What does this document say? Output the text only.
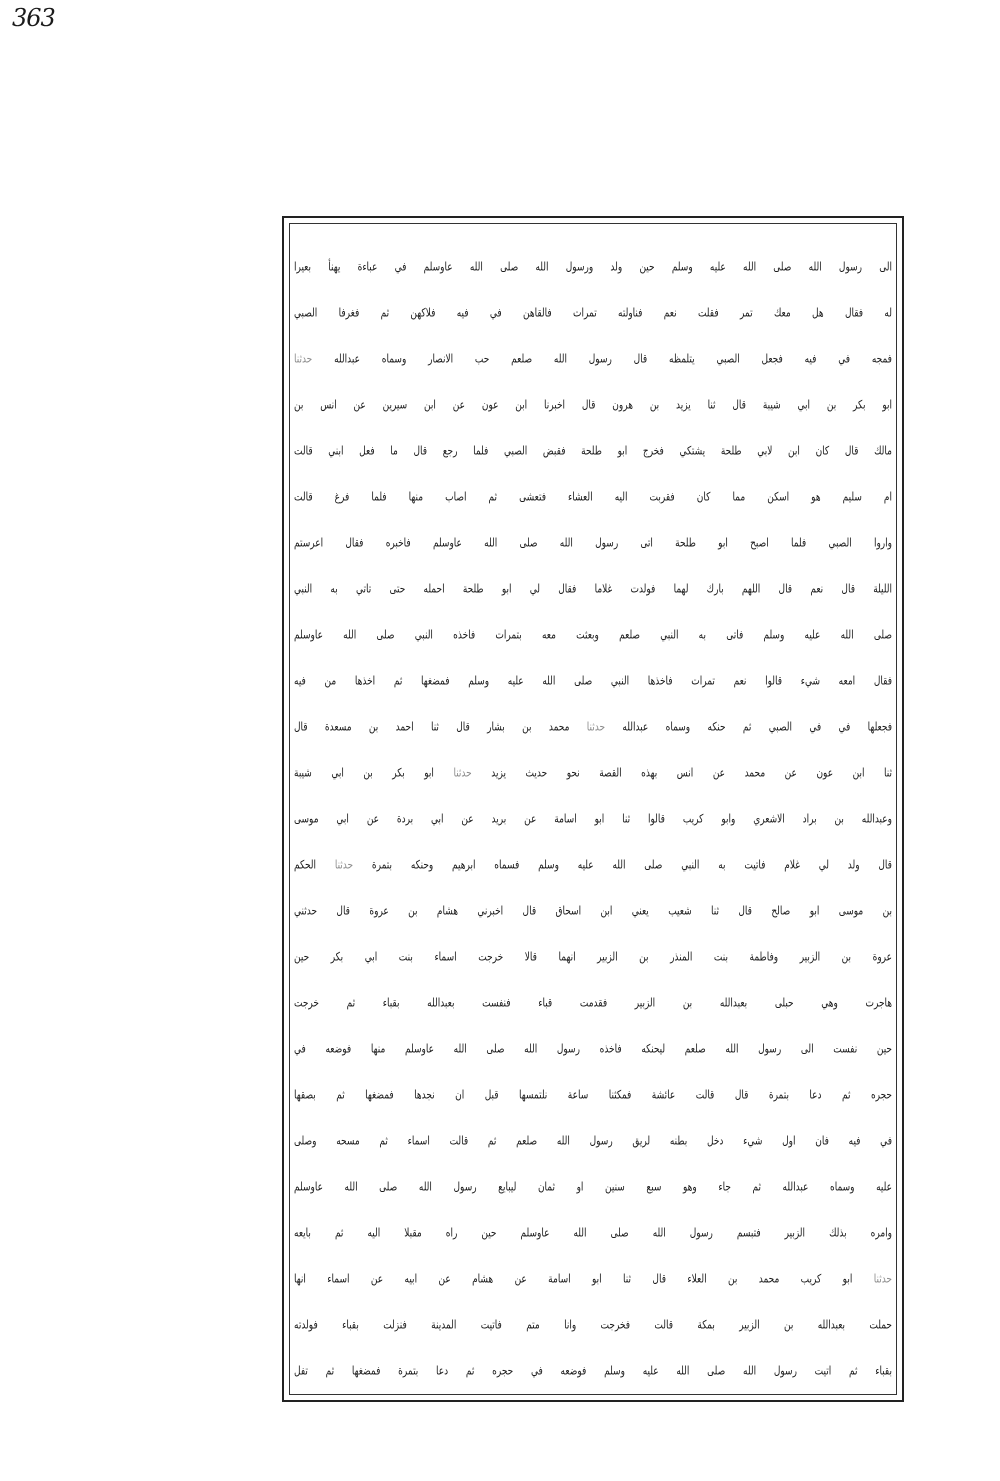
363
الى رسول الله صلى الله عليه وسلم حين ولد ورسول الله صلى الله عاوسلم في عباءة يهنأ بعيرا
له فقال هل معك تمر فقلت نعم فناولته تمرات فالقاهن في فيه فلاكهن ثم فغرفا الصبي
فمجه في فيه فجعل الصبي يتلمظه قال رسول الله صلعم حب الانصار وسماه عبدالله حدثنا
ابو بكر بن ابي شيبة قال ثنا يزيد بن هرون قال اخبرنا ابن عون عن ابن سيرين عن انس بن
مالك قال كان ابن لابي طلحة يشتكي فخرج ابو طلحة فقبض الصبي فلما رجع قال ما فعل ابني قالت
ام سليم هو اسكن مما كان فقربت اليه العشاء فتعشى ثم اصاب منها فلما فرغ قالت
واروا الصبي فلما اصبح ابو طلحة اتى رسول الله صلى الله عاوسلم فاخبره فقال اعرستم
الليلة قال نعم قال اللهم بارك لهما فولدت غلاما فقال لي ابو طلحة احمله حتى تاتي به النبي
صلى الله عليه وسلم فاتى به النبي صلعم وبعثت معه بتمرات فاخذه النبي صلى الله عاوسلم
فقال امعه شيء قالوا نعم تمرات فاخذها النبي صلى الله عليه وسلم فمضغها ثم اخذها من فيه
فجعلها في في الصبي ثم حنكه وسماه عبدالله حدثنا محمد بن بشار قال ثنا احمد بن مسعدة قال
ثنا ابن عون عن محمد عن انس بهذه القصة نحو حديث يزيد حدثنا ابو بكر بن ابي شيبة
وعبدالله بن براد الاشعري وابو كريب قالوا ثنا ابو اسامة عن بريد عن ابي بردة عن ابي موسى
قال ولد لي غلام فاتيت به النبي صلى الله عليه وسلم فسماه ابرهيم وحنكه بتمرة حدثنا الحكم
بن موسى ابو صالح قال ثنا شعيب يعني ابن اسحاق قال اخبرني هشام بن عروة قال حدثني
عروة بن الزبير وفاطمة بنت المنذر بن الزبير انهما قالا خرجت اسماء بنت ابي بكر حين
هاجرت وهي حبلى بعبدالله بن الزبير فقدمت قباء فنفست بعبدالله بقباء ثم خرجت
حين نفست الى رسول الله صلعم ليحنكه فاخذه رسول الله صلى الله عاوسلم منها فوضعه في
حجره ثم دعا بتمرة قال قالت عائشة فمكثنا ساعة نلتمسها قبل ان نجدها فمضغها ثم بصقها
في فيه فان اول شيء دخل بطنه لريق رسول الله صلعم ثم قالت اسماء ثم مسحه وصلى
عليه وسماه عبدالله ثم جاء وهو سبع سنين او ثمان ليبايع رسول الله صلى الله عاوسلم
وامره بذلك الزبير فتبسم رسول الله صلى الله عاوسلم حين راه مقبلا اليه ثم بايعه
حدثنا ابو كريب محمد بن العلاء قال ثنا ابو اسامة عن هشام عن ابيه عن اسماء انها
حملت بعبدالله بن الزبير بمكة قالت فخرجت وانا متم فاتيت المدينة فنزلت بقباء فولدته
بقباء ثم اتيت رسول الله صلى الله عليه وسلم فوضعه في حجره ثم دعا بتمرة فمضغها ثم تفل
